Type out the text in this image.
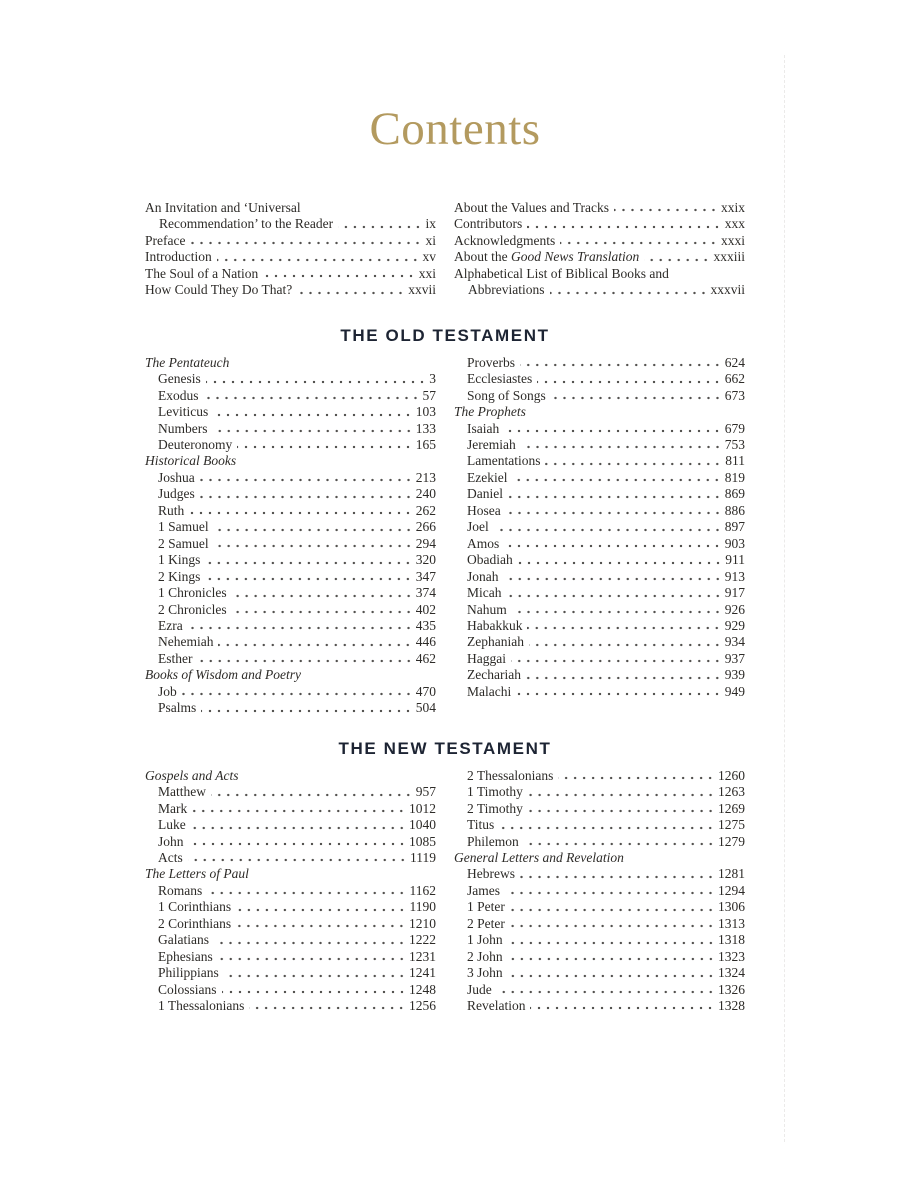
Contents
An Invitation and ‘Universal
Recommendation’ to the Reader	ix
Preface	xi
Introduction	xv
The Soul of a Nation	xxi
How Could They Do That?	xxvii
About the Values and Tracks	xxix
Contributors	xxx
Acknowledgments	xxxi
About the Good News Translation	xxxiii
Alphabetical List of Biblical Books and
Abbreviations	xxxvii
THE OLD TESTAMENT
The Pentateuch
Genesis	3
Exodus	57
Leviticus	103
Numbers	133
Deuteronomy	165
Historical Books
Joshua	213
Judges	240
Ruth	262
1 Samuel	266
2 Samuel	294
1 Kings	320
2 Kings	347
1 Chronicles	374
2 Chronicles	402
Ezra	435
Nehemiah	446
Esther	462
Books of Wisdom and Poetry
Job	470
Psalms	504
Proverbs	624
Ecclesiastes	662
Song of Songs	673
The Prophets
Isaiah	679
Jeremiah	753
Lamentations	811
Ezekiel	819
Daniel	869
Hosea	886
Joel	897
Amos	903
Obadiah	911
Jonah	913
Micah	917
Nahum	926
Habakkuk	929
Zephaniah	934
Haggai	937
Zechariah	939
Malachi	949
THE NEW TESTAMENT
Gospels and Acts
Matthew	957
Mark	1012
Luke	1040
John	1085
Acts	1119
The Letters of Paul
Romans	1162
1 Corinthians	1190
2 Corinthians	1210
Galatians	1222
Ephesians	1231
Philippians	1241
Colossians	1248
1 Thessalonians	1256
2 Thessalonians	1260
1 Timothy	1263
2 Timothy	1269
Titus	1275
Philemon	1279
General Letters and Revelation
Hebrews	1281
James	1294
1 Peter	1306
2 Peter	1313
1 John	1318
2 John	1323
3 John	1324
Jude	1326
Revelation	1328
